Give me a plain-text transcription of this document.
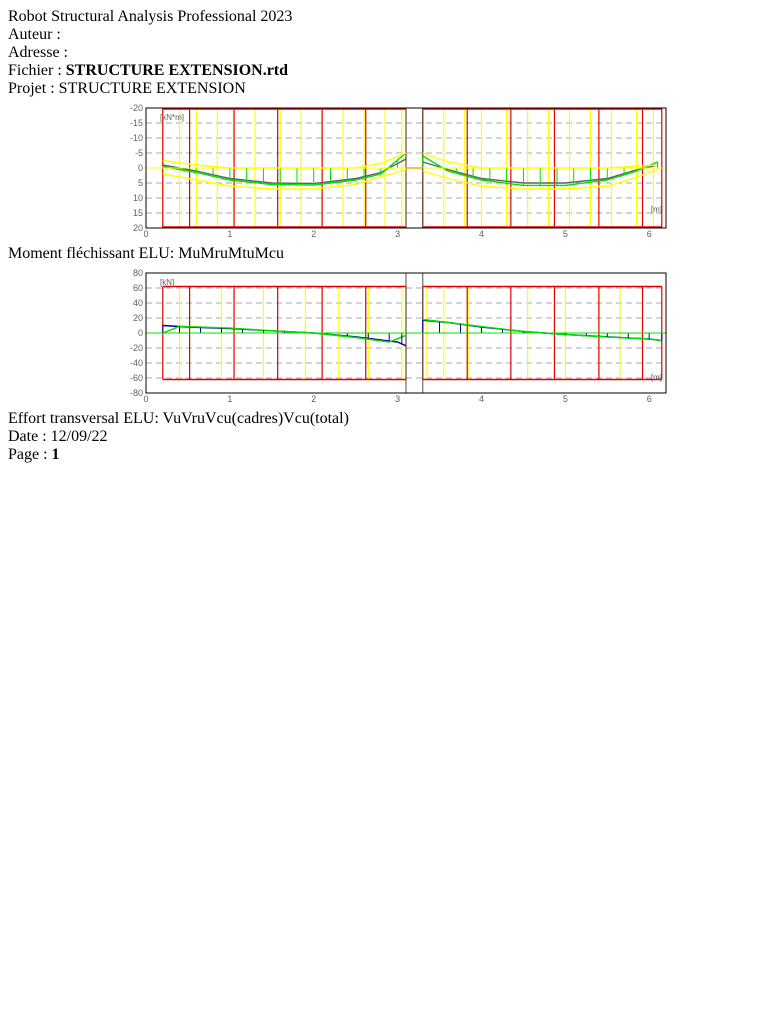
Robot Structural Analysis Professional 2023
Auteur :
Adresse :
Fichier : STRUCTURE EXTENSION.rtd
Projet : STRUCTURE EXTENSION
-20
-15
-10
-5
0
5
10
15
20
0	1	2	3	4	5	6
[kN*m]
[m]
Moment fléchissant ELU: MuMruMtuMcu
80
60
40
20
0
-20
-40
-60
-80
0	1	2	3	4	5	6
[kN]
[m]
Effort transversal ELU: VuVruVcu(cadres)Vcu(total)
Date : 12/09/22
Page : 1
